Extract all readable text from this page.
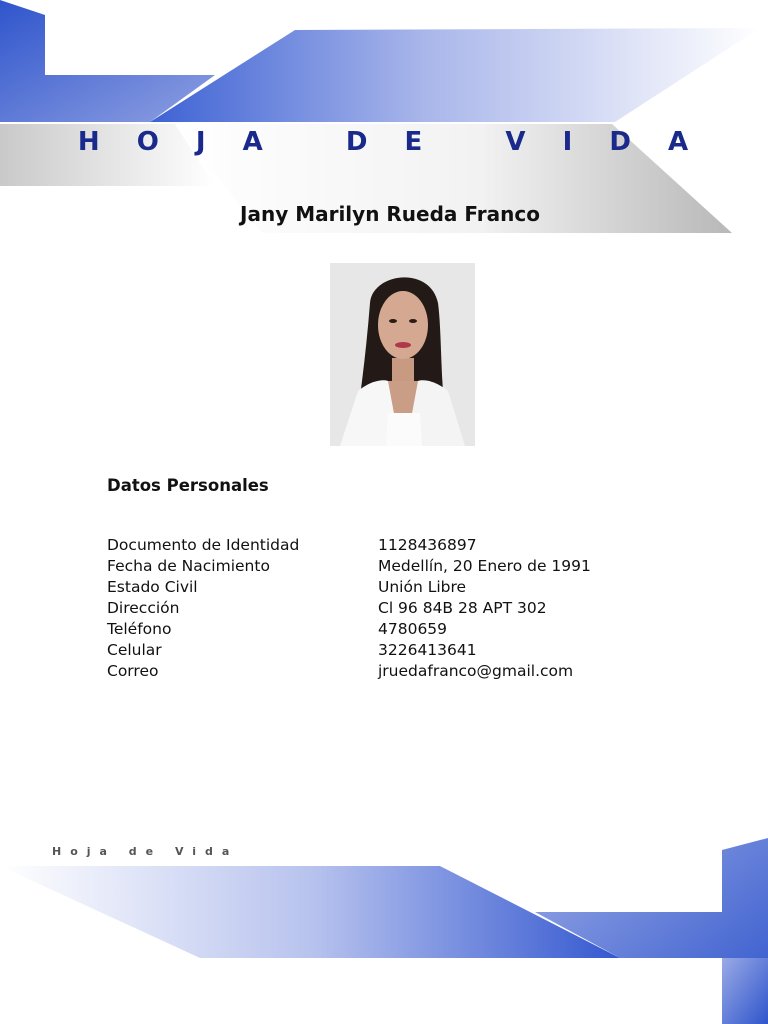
H O J A   D E   V I D A
Jany Marilyn Rueda Franco
Datos Personales
Documento de Identidad	1128436897
Fecha de Nacimiento	Medellín, 20 Enero de 1991
Estado Civil	Unión Libre
Dirección	Cl 96 84B 28 APT 302
Teléfono	4780659
Celular	3226413641
Correo	jruedafranco@gmail.com
Hoja de Vida
